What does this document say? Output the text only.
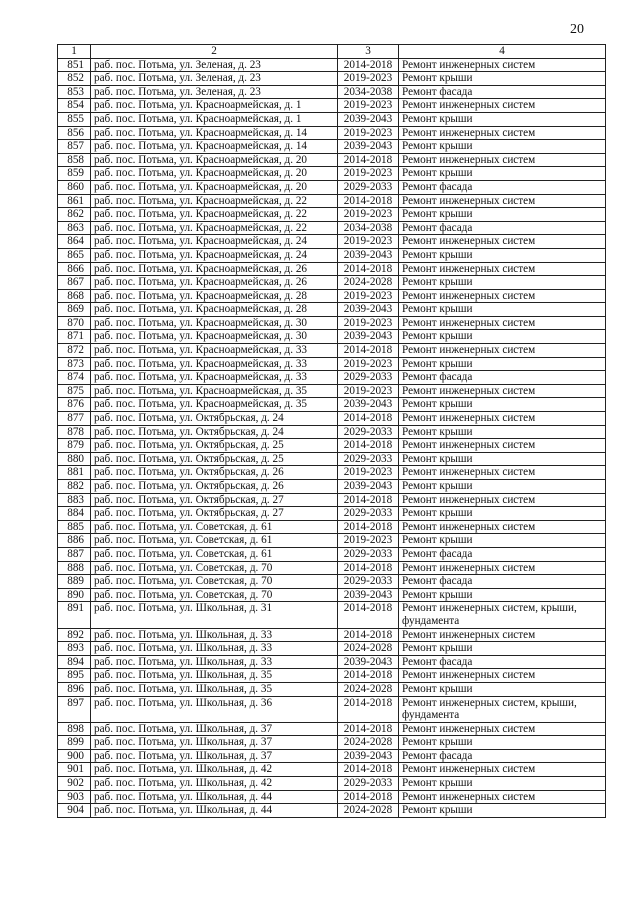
20
1	2	3	4
851	раб. пос. Потьма, ул. Зеленая, д. 23	2014-2018	Ремонт инженерных систем
852	раб. пос. Потьма, ул. Зеленая, д. 23	2019-2023	Ремонт крыши
853	раб. пос. Потьма, ул. Зеленая, д. 23	2034-2038	Ремонт фасада
854	раб. пос. Потьма, ул. Красноармейская, д. 1	2019-2023	Ремонт инженерных систем
855	раб. пос. Потьма, ул. Красноармейская, д. 1	2039-2043	Ремонт крыши
856	раб. пос. Потьма, ул. Красноармейская, д. 14	2019-2023	Ремонт инженерных систем
857	раб. пос. Потьма, ул. Красноармейская, д. 14	2039-2043	Ремонт крыши
858	раб. пос. Потьма, ул. Красноармейская, д. 20	2014-2018	Ремонт инженерных систем
859	раб. пос. Потьма, ул. Красноармейская, д. 20	2019-2023	Ремонт крыши
860	раб. пос. Потьма, ул. Красноармейская, д. 20	2029-2033	Ремонт фасада
861	раб. пос. Потьма, ул. Красноармейская, д. 22	2014-2018	Ремонт инженерных систем
862	раб. пос. Потьма, ул. Красноармейская, д. 22	2019-2023	Ремонт крыши
863	раб. пос. Потьма, ул. Красноармейская, д. 22	2034-2038	Ремонт фасада
864	раб. пос. Потьма, ул. Красноармейская, д. 24	2019-2023	Ремонт инженерных систем
865	раб. пос. Потьма, ул. Красноармейская, д. 24	2039-2043	Ремонт крыши
866	раб. пос. Потьма, ул. Красноармейская, д. 26	2014-2018	Ремонт инженерных систем
867	раб. пос. Потьма, ул. Красноармейская, д. 26	2024-2028	Ремонт крыши
868	раб. пос. Потьма, ул. Красноармейская, д. 28	2019-2023	Ремонт инженерных систем
869	раб. пос. Потьма, ул. Красноармейская, д. 28	2039-2043	Ремонт крыши
870	раб. пос. Потьма, ул. Красноармейская, д. 30	2019-2023	Ремонт инженерных систем
871	раб. пос. Потьма, ул. Красноармейская, д. 30	2039-2043	Ремонт крыши
872	раб. пос. Потьма, ул. Красноармейская, д. 33	2014-2018	Ремонт инженерных систем
873	раб. пос. Потьма, ул. Красноармейская, д. 33	2019-2023	Ремонт крыши
874	раб. пос. Потьма, ул. Красноармейская, д. 33	2029-2033	Ремонт фасада
875	раб. пос. Потьма, ул. Красноармейская, д. 35	2019-2023	Ремонт инженерных систем
876	раб. пос. Потьма, ул. Красноармейская, д. 35	2039-2043	Ремонт крыши
877	раб. пос. Потьма, ул. Октябрьская, д. 24	2014-2018	Ремонт инженерных систем
878	раб. пос. Потьма, ул. Октябрьская, д. 24	2029-2033	Ремонт крыши
879	раб. пос. Потьма, ул. Октябрьская, д. 25	2014-2018	Ремонт инженерных систем
880	раб. пос. Потьма, ул. Октябрьская, д. 25	2029-2033	Ремонт крыши
881	раб. пос. Потьма, ул. Октябрьская, д. 26	2019-2023	Ремонт инженерных систем
882	раб. пос. Потьма, ул. Октябрьская, д. 26	2039-2043	Ремонт крыши
883	раб. пос. Потьма, ул. Октябрьская, д. 27	2014-2018	Ремонт инженерных систем
884	раб. пос. Потьма, ул. Октябрьская, д. 27	2029-2033	Ремонт крыши
885	раб. пос. Потьма, ул. Советская, д. 61	2014-2018	Ремонт инженерных систем
886	раб. пос. Потьма, ул. Советская, д. 61	2019-2023	Ремонт крыши
887	раб. пос. Потьма, ул. Советская, д. 61	2029-2033	Ремонт фасада
888	раб. пос. Потьма, ул. Советская, д. 70	2014-2018	Ремонт инженерных систем
889	раб. пос. Потьма, ул. Советская, д. 70	2029-2033	Ремонт фасада
890	раб. пос. Потьма, ул. Советская, д. 70	2039-2043	Ремонт крыши
891	раб. пос. Потьма, ул. Школьная, д. 31	2014-2018	Ремонт инженерных систем, крыши, фундамента
892	раб. пос. Потьма, ул. Школьная, д. 33	2014-2018	Ремонт инженерных систем
893	раб. пос. Потьма, ул. Школьная, д. 33	2024-2028	Ремонт крыши
894	раб. пос. Потьма, ул. Школьная, д. 33	2039-2043	Ремонт фасада
895	раб. пос. Потьма, ул. Школьная, д. 35	2014-2018	Ремонт инженерных систем
896	раб. пос. Потьма, ул. Школьная, д. 35	2024-2028	Ремонт крыши
897	раб. пос. Потьма, ул. Школьная, д. 36	2014-2018	Ремонт инженерных систем, крыши, фундамента
898	раб. пос. Потьма, ул. Школьная, д. 37	2014-2018	Ремонт инженерных систем
899	раб. пос. Потьма, ул. Школьная, д. 37	2024-2028	Ремонт крыши
900	раб. пос. Потьма, ул. Школьная, д. 37	2039-2043	Ремонт фасада
901	раб. пос. Потьма, ул. Школьная, д. 42	2014-2018	Ремонт инженерных систем
902	раб. пос. Потьма, ул. Школьная, д. 42	2029-2033	Ремонт крыши
903	раб. пос. Потьма, ул. Школьная, д. 44	2014-2018	Ремонт инженерных систем
904	раб. пос. Потьма, ул. Школьная, д. 44	2024-2028	Ремонт крыши
